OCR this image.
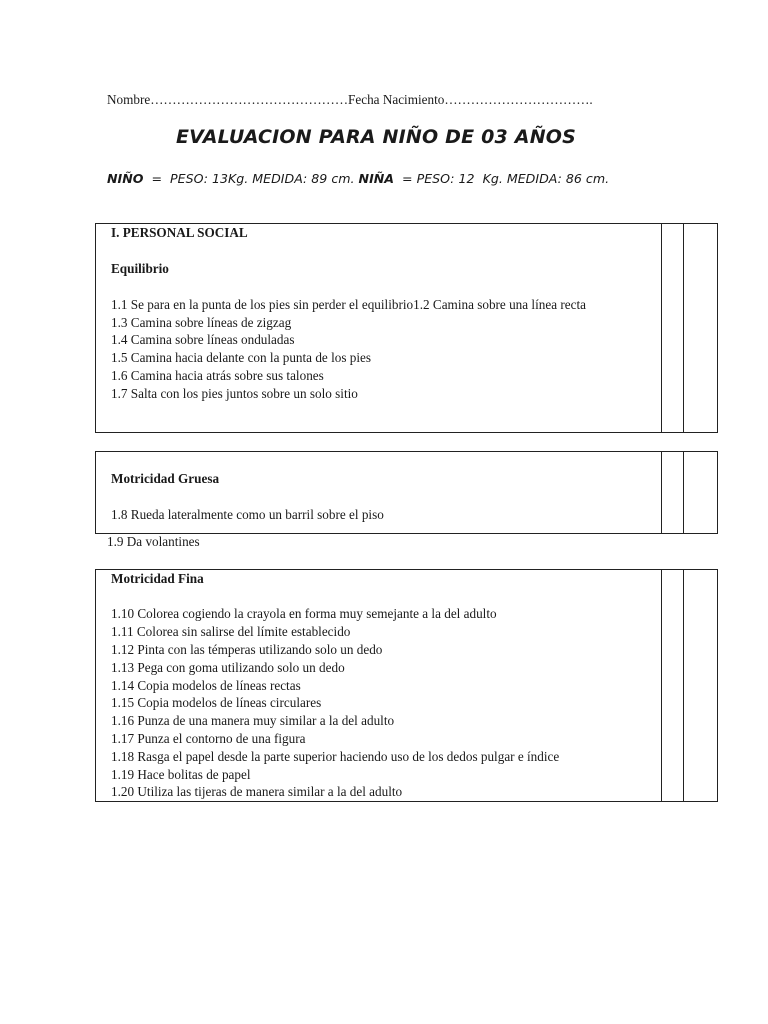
Nombre………………………………………Fecha Nacimiento…………………………….
EVALUACION PARA NIÑO DE 03 AÑOS
NIÑO  =  PESO: 13Kg. MEDIDA: 89 cm. NIÑA  = PESO: 12  Kg. MEDIDA: 86 cm.
I. PERSONAL SOCIAL
Equilibrio
1.1 Se para en la punta de los pies sin perder el equilibrio1.2 Camina sobre una línea recta
1.3 Camina sobre líneas de zigzag
1.4 Camina sobre líneas onduladas
1.5 Camina hacia delante con la punta de los pies
1.6 Camina hacia atrás sobre sus talones
1.7 Salta con los pies juntos sobre un solo sitio
Motricidad Gruesa
1.8 Rueda lateralmente como un barril sobre el piso
1.9 Da volantines
Motricidad Fina
1.10 Colorea cogiendo la crayola en forma muy semejante a la del adulto
1.11 Colorea sin salirse del límite establecido
1.12 Pinta con las témperas utilizando solo un dedo
1.13 Pega con goma utilizando solo un dedo
1.14 Copia modelos de líneas rectas
1.15 Copia modelos de líneas circulares
1.16 Punza de una manera muy similar a la del adulto
1.17 Punza el contorno de una figura
1.18 Rasga el papel desde la parte superior haciendo uso de los dedos pulgar e índice
1.19 Hace bolitas de papel
1.20 Utiliza las tijeras de manera similar a la del adulto
